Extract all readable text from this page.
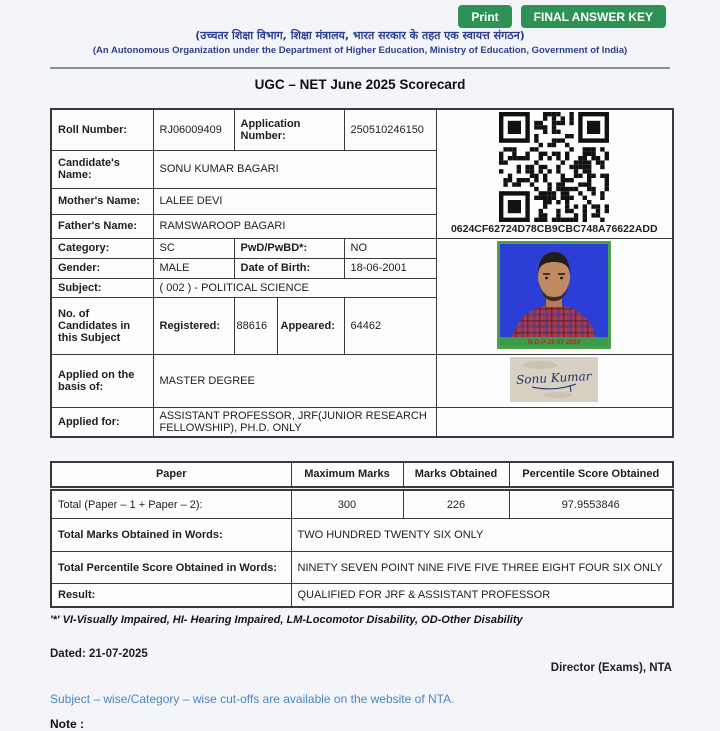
Print	FINAL ANSWER KEY
(उच्चतर शिक्षा विभाग, शिक्षा मंत्रालय, भारत सरकार के तहत एक स्वायत्त संगठन)
(An Autonomous Organization under the Department of Higher Education, Ministry of Education, Government of India)
UGC – NET June 2025 Scorecard
Roll Number:	RJ06009409	Application Number:		250510246150	0624CF62724D78CB9CBC748A76622ADD

Candidate's Name:	SONU KUMAR BAGARI				
Mother's Name:	LALEE DEVI				
Father's Name:	RAMSWAROOP BAGARI				
Category:	SC	PwD/PwBD*:		NO	D.O.P-28 07 2024

Gender:	MALE	Date of Birth:		18-06-2001	
Subject:	( 002 ) - POLITICAL SCIENCE				
No. of Candidates in this Subject	Registered:	88616	Appeared:	64462	
Applied on the basis of:	MASTER DEGREE				Sonu Kumar

Applied for:	ASSISTANT PROFESSOR, JRF(JUNIOR RESEARCH FELLOWSHIP), PH.D. ONLY				
Paper	Maximum Marks	Marks Obtained	Percentile Score Obtained
Total (Paper – 1 + Paper – 2):	300	226	97.9553846
Total Marks Obtained in Words:	TWO HUNDRED TWENTY SIX ONLY		
Total Percentile Score Obtained in Words:	NINETY SEVEN POINT NINE FIVE FIVE THREE EIGHT FOUR SIX ONLY		
Result:	QUALIFIED FOR JRF & ASSISTANT PROFESSOR		
'*' VI-Visually Impaired, HI- Hearing Impaired, LM-Locomotor Disability, OD-Other Disability
Dated: 21-07-2025
Director (Exams), NTA
Subject – wise/Category – wise cut-offs are available on the website of NTA.
Note :
